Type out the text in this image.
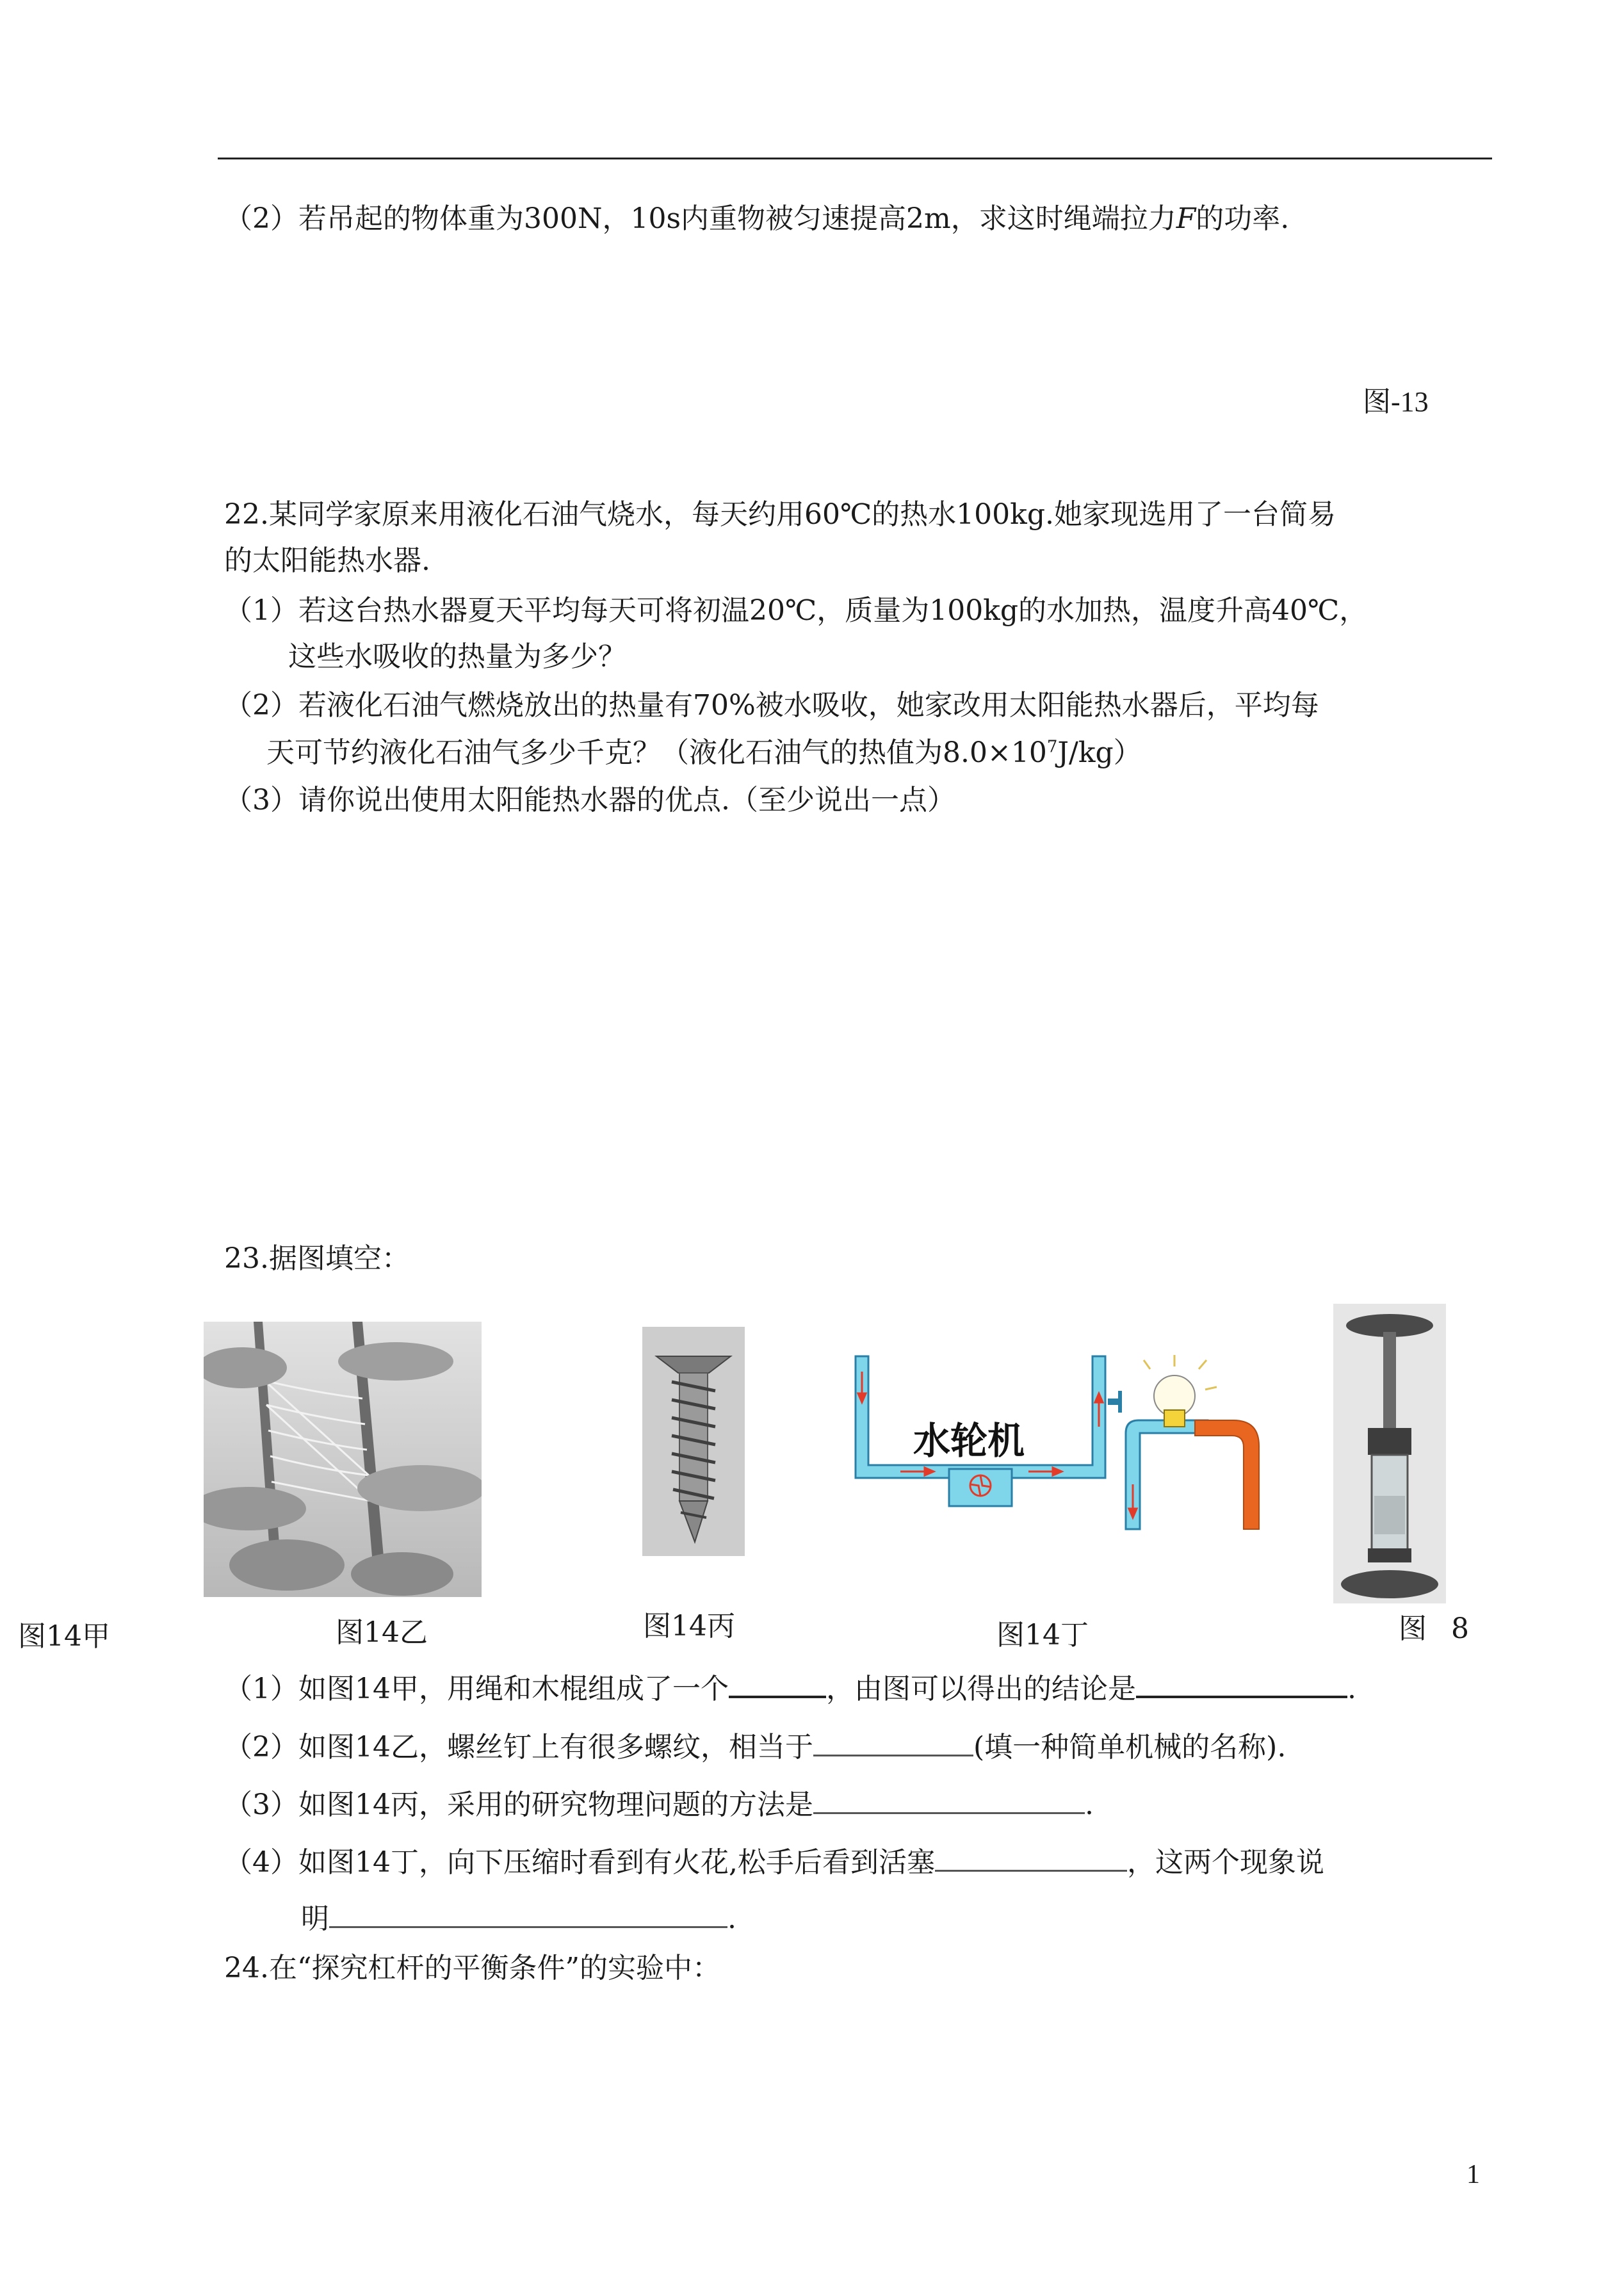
（2）若吊起的物体重为300N，10s内重物被匀速提高2m，求这时绳端拉力F的功率.
图-13
22.某同学家原来用液化石油气烧水，每天约用60℃的热水100kg.她家现选用了一台简易
的太阳能热水器.
（1）若这台热水器夏天平均每天可将初温20℃，质量为100kg的水加热，温度升高40℃，
这些水吸收的热量为多少？
（2）若液化石油气燃烧放出的热量有70%被水吸收，她家改用太阳能热水器后，平均每
天可节约液化石油气多少千克？（液化石油气的热值为$8.0\times 10^7J/kg$）
（3）请你说出使用太阳能热水器的优点.（至少说出一点）
23.据图填空：
水轮机
图14甲	图14乙	图14丙	图14丁	图 8
（1）如图14甲，用绳和木棍组成了一个	，由图可以得出的结论是	.
（2）如图14乙，螺丝钉上有很多螺纹，相当于	(填一种简单机械的名称).
（3）如图14丙，采用的研究物理问题的方法是	.
（4）如图14丁，向下压缩时看到有火花,松手后看到活塞	，这两个现象说
明	.
24.在“探究杠杆的平衡条件”的实验中：
1
